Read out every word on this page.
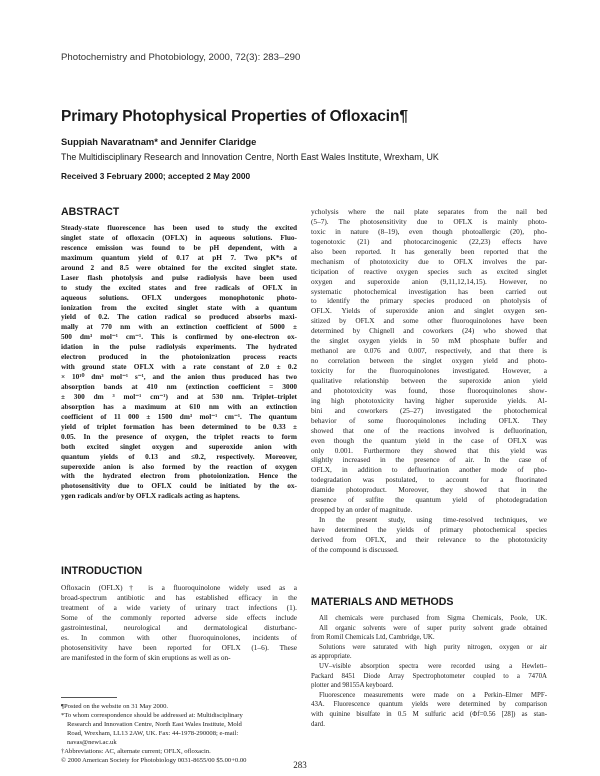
Photochemistry and Photobiology, 2000, 72(3): 283–290
Primary Photophysical Properties of Ofloxacin¶
Suppiah Navaratnam* and Jennifer Claridge
The Multidisciplinary Research and Innovation Centre, North East Wales Institute, Wrexham, UK
Received 3 February 2000; accepted 2 May 2000
ABSTRACT
Steady-state fluorescence has been used to study the excited
singlet state of ofloxacin (OFLX) in aqueous solutions. Fluo-
rescence emission was found to be pH dependent, with a
maximum quantum yield of 0.17 at pH 7. Two pK*s of
around 2 and 8.5 were obtained for the excited singlet state.
Laser flash photolysis and pulse radiolysis have been used
to study the excited states and free radicals of OFLX in
aqueous solutions. OFLX undergoes monophotonic photo-
ionization from the excited singlet state with a quantum
yield of 0.2. The cation radical so produced absorbs maxi-
mally at 770 nm with an extinction coefficient of 5000 ±
500 dm³ mol⁻¹ cm⁻¹. This is confirmed by one-electron ox-
idation in the pulse radiolysis experiments. The hydrated
electron produced in the photoionization process reacts
with ground state OFLX with a rate constant of 2.0 ± 0.2
× 10¹⁰ dm³ mol⁻¹ s⁻¹, and the anion thus produced has two
absorption bands at 410 nm (extinction coefficient = 3000
± 300 dm ³ mol⁻¹ cm⁻¹) and at 530 nm. Triplet–triplet
absorption has a maximum at 610 nm with an extinction
coefficient of 11 000 ± 1500 dm³ mol⁻¹ cm⁻¹. The quantum
yield of triplet formation has been determined to be 0.33 ±
0.05. In the presence of oxygen, the triplet reacts to form
both excited singlet oxygen and superoxide anion with
quantum yields of 0.13 and ≤0.2, respectively. Moreover,
superoxide anion is also formed by the reaction of oxygen
with the hydrated electron from photoionization. Hence the
photosensitivity due to OFLX could be initiated by the ox-
ygen radicals and/or by OFLX radicals acting as haptens.
INTRODUCTION
Ofloxacin (OFLX)† is a fluoroquinolone widely used as a
broad-spectrum antibiotic and has established efficacy in the
treatment of a wide variety of urinary tract infections (1).
Some of the commonly reported adverse side effects include
gastrointestinal, neurological and dermatological disturbanc-
es. In common with other fluoroquinolones, incidents of
photosensitivity have been reported for OFLX (1–6). These
are manifested in the form of skin eruptions as well as on-
ycholysis where the nail plate separates from the nail bed
(5–7). The photosensitivity due to OFLX is mainly photo-
toxic in nature (8–19), even though photoallergic (20), pho-
togenotoxic (21) and photocarcinogenic (22,23) effects have
also been reported. It has generally been reported that the
mechanism of phototoxicity due to OFLX involves the par-
ticipation of reactive oxygen species such as excited singlet
oxygen and superoxide anion (9,11,12,14,15). However, no
systematic photochemical investigation has been carried out
to identify the primary species produced on photolysis of
OFLX. Yields of superoxide anion and singlet oxygen sen-
sitized by OFLX and some other fluoroquinolones have been
determined by Chignell and coworkers (24) who showed that
the singlet oxygen yields in 50 mM phosphate buffer and
methanol are 0.076 and 0.007, respectively, and that there is
no correlation between the singlet oxygen yield and photo-
toxicity for the fluoroquinolones investigated. However, a
qualitative relationship between the superoxide anion yield
and phototoxicity was found, those fluoroquinolones show-
ing high phototoxicity having higher superoxide yields. Al-
bini and coworkers (25–27) investigated the photochemical
behavior of some fluoroquinolones including OFLX. They
showed that one of the reactions involved is defluorination,
even though the quantum yield in the case of OFLX was
only 0.001. Furthermore they showed that this yield was
slightly increased in the presence of air. In the case of
OFLX, in addition to defluorination another mode of pho-
todegradation was postulated, to account for a fluorinated
diamide photoproduct. Moreover, they showed that in the
presence of sulfite the quantum yield of photodegradation
dropped by an order of magnitude.
In the present study, using time-resolved techniques, we
have determined the yields of primary photochemical species
derived from OFLX, and their relevance to the phototoxicity
of the compound is discussed.
MATERIALS AND METHODS
All chemicals were purchased from Sigma Chemicals, Poole, UK.
All organic solvents were of super purity solvent grade obtained
from Romil Chemicals Ltd, Cambridge, UK.
Solutions were saturated with high purity nitrogen, oxygen or air
as appropriate.
UV–visible absorption spectra were recorded using a Hewlett–
Packard 8451 Diode Array Spectrophotometer coupled to a 7470A
plotter and 98155A keyboard.
Fluorescence measurements were made on a Perkin–Elmer MPF-
43A. Fluorescence quantum yields were determined by comparison
with quinine bisulfate in 0.5 M sulfuric acid (Φf=0.56 [28]) as stan-
dard.
¶Posted on the website on 31 May 2000.
*To whom correspondence should be addressed at: Multidisciplinary
Research and Innovation Centre, North East Wales Institute, Mold
Road, Wrexham, LL13 2AW, UK. Fax: 44-1978-290008; e-mail:
navas@newi.ac.uk
†Abbreviations: AC, alternate current; OFLX, ofloxacin.
© 2000 American Society for Photobiology 0031-8655/00 $5.00+0.00	283
